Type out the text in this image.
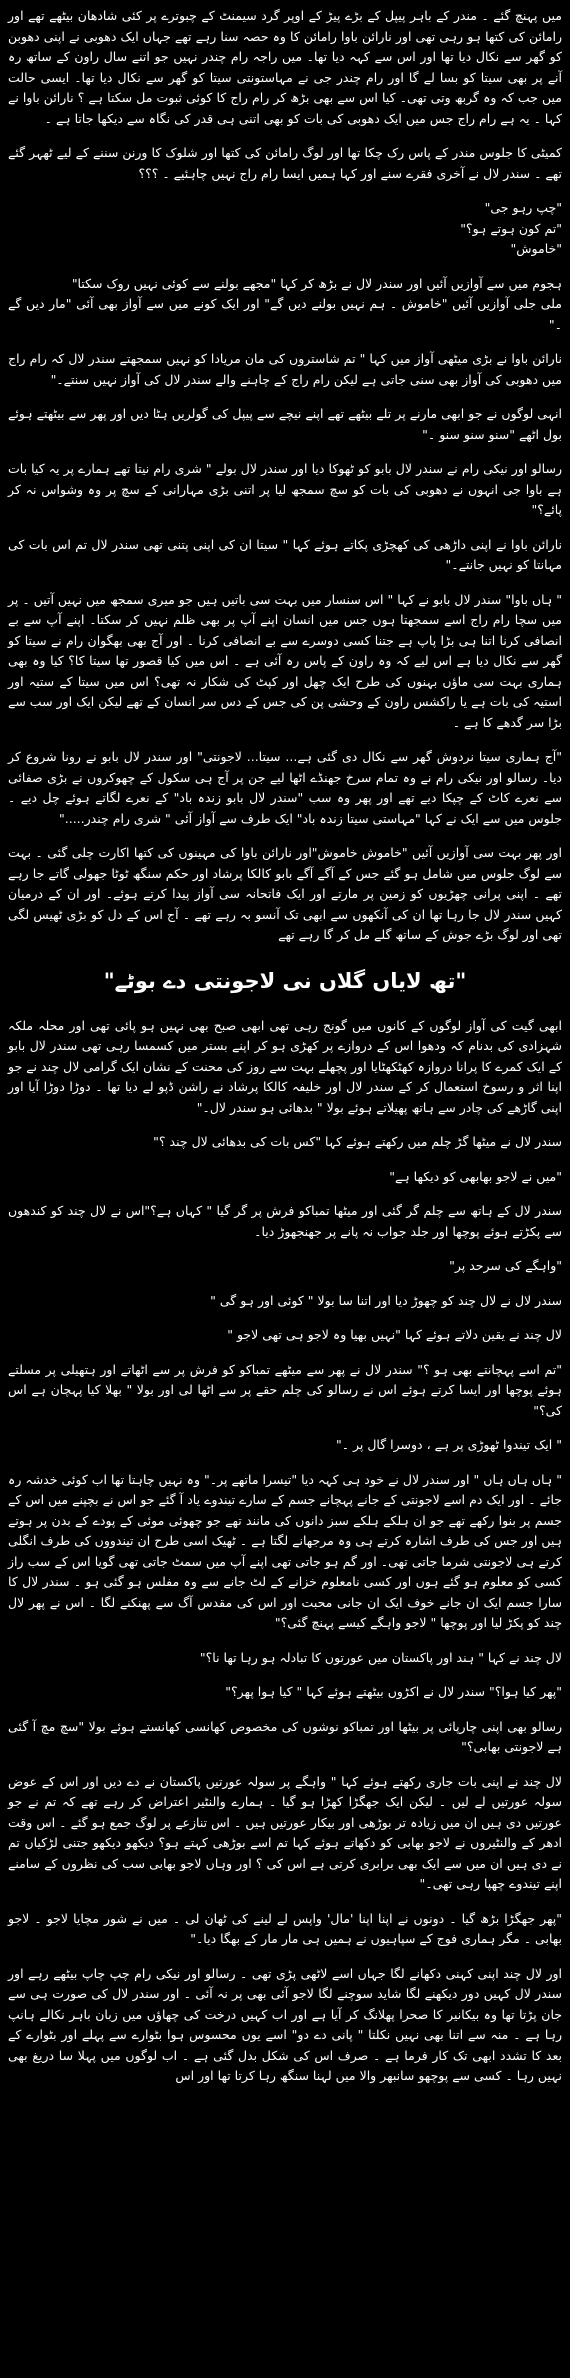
میں پہنچ گئے ۔ مندر کے باہر پیپل کے بڑے پیڑ کے اوپر گرد سیمنٹ کے چبوترے پر کئی شادھان بیٹھے تھے اور رامائن کی کتھا ہو رہی تھی اور نارائن باوا رامائن کا وہ حصہ سنا رہے تھے جہاں ایک دھوبی نے اپنی دھوبن کو گھر سے نکال دیا تھا اور اس سے کہہ دیا تھا۔ میں راجہ رام چندر نہیں جو اتنے سال راون کے ساتھ رہ آنے پر بھی سیتا کو بسا لے گا اور رام چندر جی نے مہاستونتی سیتا کو گھر سے نکال دیا تھا۔ ایسی حالت میں جب کہ وہ گربھ وتی تھی۔ کیا اس سے بھی بڑھ کر رام راج کا کوئی ثبوت مل سکتا ہے ؟ نارائن باوا نے کہا ۔ یہ ہے رام راج جس میں ایک دھوبی کی بات کو بھی اتنی ہی قدر کی نگاہ سے دیکھا جاتا ہے ۔

کمیٹی کا جلوس مندر کے پاس رک چکا تھا اور لوگ رامائن کی کتھا اور شلوک کا ورنن سننے کے لیے ٹھہر گئے تھے ۔ سندر لال نے آخری فقرے سنے اور کہا ہمیں ایسا رام راج نہیں چاہئیے ۔ ؟؟؟

"چپ رہو جی"
"تم کون ہوتے ہو؟"
"خاموش"

ہجوم میں سے آوازیں آئیں اور سندر لال نے بڑھ کر کہا "مجھے بولنے سے کوئی نہیں روک سکتا"
ملی جلی آوازیں آئیں "خاموش ۔ ہم نہیں بولنے دیں گے" اور ایک کونے میں سے آواز بھی آئی "مار دیں گے ۔"

نارائن باوا نے بڑی میٹھی آواز میں کہا " تم شاستروں کی مان مریادا کو نہیں سمجھتے سندر لال کہ رام راج میں دھوبی کی آواز بھی سنی جاتی ہے لیکن رام راج کے چاہنے والے سندر لال کی آواز نہیں سنتے۔"

انہی لوگوں نے جو ابھی مارنے پر تلے بیٹھے تھے اپنے نیچے سے پیپل کی گولریں ہٹا دیں اور پھر سے بیٹھتے ہوئے بول اٹھے "سنو سنو سنو ۔"

رسالو اور نیکی رام نے سندر لال بابو کو ٹھوکا دیا اور سندر لال بولے " شری رام نیتا تھے ہمارے پر یہ کیا بات ہے باوا جی انہوں نے دھوبی کی بات کو سچ سمجھ لیا پر اتنی بڑی مہارانی کے سچ پر وہ وشواس نہ کر پائے؟"

نارائن باوا نے اپنی داڑھی کی کھچڑی پکاتے ہوئے کہا " سیتا ان کی اپنی پتنی تھی سندر لال تم اس بات کی مہانتا کو نہیں جانتے۔"

" ہاں باوا" سندر لال بابو نے کہا " اس سنسار میں بہت سی باتیں ہیں جو میری سمجھ میں نہیں آتیں ۔ پر میں سچا رام راج اسے سمجھتا ہوں جس میں انسان اپنے آپ پر بھی ظلم نہیں کر سکتا۔ اپنے آپ سے بے انصافی کرنا اتنا ہی بڑا پاپ ہے جتنا کسی دوسرے سے بے انصافی کرنا ۔ اور آج بھی بھگوان رام نے سیتا کو گھر سے نکال دیا ہے اس لیے کہ وہ راون کے پاس رہ آئی ہے ۔ اس میں کیا قصور تھا سیتا کا؟ کیا وہ بھی ہماری بہت سی ماؤں بہنوں کی طرح ایک چھل اور کپٹ کی شکار نہ تھی؟ اس میں سیتا کے ستیہ اور استیہ کی بات ہے یا راکشس راون کے وحشی پن کی جس کے دس سر انسان کے تھے لیکن ایک اور سب سے بڑا سر گدھے کا ہے ۔

"آج ہماری سیتا نردوش گھر سے نکال دی گئی ہے... سیتا... لاجونتی" اور سندر لال بابو نے رونا شروع کر دیا۔ رسالو اور نیکی رام نے وہ تمام سرخ جھنڈے اٹھا لیے جن پر آج ہی سکول کے چھوکروں نے بڑی صفائی سے نعرے کاٹ کے چپکا دیے تھے اور پھر وہ سب "سندر لال بابو زندہ باد" کے نعرے لگاتے ہوئے چل دیے ۔ جلوس میں سے ایک نے کہا "مہاستی سیتا زندہ باد" ایک طرف سے آواز آئی " شری رام چندر....."

اور پھر بہت سی آوازیں آئیں "خاموش خاموش"اور نارائن باوا کی مہینوں کی کتھا اکارت چلی گئی ۔ بہت سے لوگ جلوس میں شامل ہو گئے جس کے آگے آگے بابو کالکا پرشاد اور حکم سنگھ ٹوٹا جھولی گاتے جا رہے تھے ۔ اپنی پرانی چھڑیوں کو زمین پر مارتے اور ایک فاتحانہ سی آواز پیدا کرتے ہوئے۔ اور ان کے درمیان کہیں سندر لال جا رہا تھا ان کی آنکھوں سے ابھی تک آنسو بہ رہے تھے ۔ آج اس کے دل کو بڑی ٹھیس لگی تھی اور لوگ بڑے جوش کے ساتھ گلے مل کر گا رہے تھے

"تھ لایاں گلاں نی لاجونتی دے بوٹے"

ابھی گیت کی آواز لوگوں کے کانوں میں گونج رہی تھی ابھی صبح بھی نہیں ہو پائی تھی اور محلہ ملکہ شہزادی کی بدنام کہ ودھوا اس کے دروازے پر کھڑی ہو کر اپنے بستر میں کسمسا رہی تھی سندر لال بابو کے ایک کمرے کا پرانا دروازہ کھٹکھٹایا اور پچھلے بہت سے روز کی محنت کے نشان ایک گرامی لال چند نے جو اپنا اثر و رسوخ استعمال کر کے سندر لال اور خلیفہ کالکا پرشاد نے راشن ڈپو لے دیا تھا ۔ دوڑا دوڑا آیا اور اپنی گاڑھے کی چادر سے ہاتھ پھیلاتے ہوئے بولا " بدھائی ہو سندر لال۔"

سندر لال نے میٹھا گڑ چلم میں رکھتے ہوئے کہا "کس بات کی بدھائی لال چند ؟"

"میں نے لاجو بھابھی کو دیکھا ہے"

سندر لال کے ہاتھ سے چلم گر گئی اور میٹھا تمباکو فرش پر گر گیا " کہاں ہے؟"اس نے لال چند کو کندھوں سے پکڑتے ہوئے پوچھا اور جلد جواب نہ پانے پر جھنجھوڑ دیا۔

"واہگے کی سرحد پر"

سندر لال نے لال چند کو چھوڑ دیا اور اتنا سا بولا " کوئی اور ہو گی "

لال چند نے یقین دلاتے ہوئے کہا "نہیں بھیا وہ لاجو ہی تھی لاجو "

"تم اسے پہچانتے بھی ہو ؟" سندر لال نے پھر سے میٹھے تمباکو کو فرش پر سے اٹھاتے اور ہتھیلی پر مسلتے ہوئے پوچھا اور ایسا کرتے ہوئے اس نے رسالو کی چلم حقے پر سے اٹھا لی اور بولا " بھلا کیا پہچان ہے اس کی؟"

" ایک تیندوا ٹھوڑی پر ہے ، دوسرا گال پر ۔"

" ہاں ہاں ہاں " اور سندر لال نے خود ہی کہہ دیا "تیسرا ماتھے پر۔" وہ نہیں چاہتا تھا اب کوئی خدشہ رہ جائے ۔ اور ایک دم اسے لاجونتی کے جانے پہچانے جسم کے سارے تیندوے یاد آ گئے جو اس نے بچپنے میں اس کے جسم پر بنوا رکھے تھے جو ان ہلکے ہلکے سبز دانوں کی مانند تھے جو چھوئی موئی کے پودے کے بدن پر ہوتے ہیں اور جس کی طرف اشارہ کرتے ہی وہ مرجھانے لگتا ہے ۔ ٹھیک اسی طرح ان تیندووں کی طرف انگلی کرتے ہی لاجونتی شرما جاتی تھی۔ اور گم ہو جاتی تھی اپنے آپ میں سمٹ جاتی تھی گویا اس کے سب راز کسی کو معلوم ہو گئے ہوں اور کسی نامعلوم خزانے کے لٹ جانے سے وہ مفلس ہو گئی ہو ۔ سندر لال کا سارا جسم ایک ان جانے خوف ایک ان جانی محبت اور اس کی مقدس آگ سے پھنکنے لگا ۔ اس نے پھر لال چند کو پکڑ لیا اور پوچھا " لاجو واہگے کیسے پہنچ گئی؟"

لال چند نے کہا " ہند اور پاکستان میں عورتوں کا تبادلہ ہو رہا تھا نا؟"

"پھر کیا ہوا؟" سندر لال نے اکڑوں بیٹھتے ہوئے کہا " کیا ہوا پھر؟"

رسالو بھی اپنی چارپائی پر بیٹھا اور تمباکو نوشوں کی مخصوص کھانسی کھانستے ہوئے بولا "سچ مچ آ گئی ہے لاجونتی بھابی؟"

لال چند نے اپنی بات جاری رکھتے ہوئے کہا " واہگے پر سولہ عورتیں پاکستان نے دے دیں اور اس کے عوض سولہ عورتیں لے لیں ۔ لیکن ایک جھگڑا کھڑا ہو گیا ۔ ہمارے والنٹیر اعتراض کر رہے تھے کہ تم نے جو عورتیں دی ہیں ان میں زیادہ تر بوڑھی اور بیکار عورتیں ہیں ۔ اس تنازعے پر لوگ جمع ہو گئے ۔ اس وقت ادھر کے والنٹیروں نے لاجو بھابی کو دکھاتے ہوئے کہا تم اسے بوڑھی کہتے ہو؟ دیکھو دیکھو جتنی لڑکیاں تم نے دی ہیں ان میں سے ایک بھی برابری کرتی ہے اس کی ؟ اور وہاں لاجو بھابی سب کی نظروں کے سامنے اپنے تیندوے چھپا رہی تھی۔"

"پھر جھگڑا بڑھ گیا ۔ دونوں نے اپنا اپنا 'مال' واپس لے لینے کی ٹھان لی ۔ میں نے شور مچایا لاجو ۔ لاجو بھابی ۔ مگر ہماری فوج کے سپاہیوں نے ہمیں ہی مار مار کے بھگا دیا۔"

اور لال چند اپنی کہنی دکھانے لگا جہاں اسے لاٹھی پڑی تھی ۔ رسالو اور نیکی رام چپ چاپ بیٹھے رہے اور سندر لال کہیں دور دیکھنے لگا شاید سوچنے لگا لاجو آئی بھی پر نہ آئی ۔ اور سندر لال کی صورت ہی سے جان پڑتا تھا وہ بیکانیر کا صحرا پھلانگ کر آیا ہے اور اب کہیں درخت کی چھاؤں میں زبان باہر نکالے ہانپ رہا ہے ۔ منہ سے اتنا بھی نہیں نکلتا " پانی دے دو" اسے یوں محسوس ہوا بٹوارے سے پہلے اور بٹوارے کے بعد کا تشدد ابھی تک کار فرما ہے ۔ صرف اس کی شکل بدل گئی ہے ۔ اب لوگوں میں پہلا سا دریغ بھی نہیں رہا ۔ کسی سے پوچھو سانبھر والا میں لہنا سنگھ رہا کرتا تھا اور اس
